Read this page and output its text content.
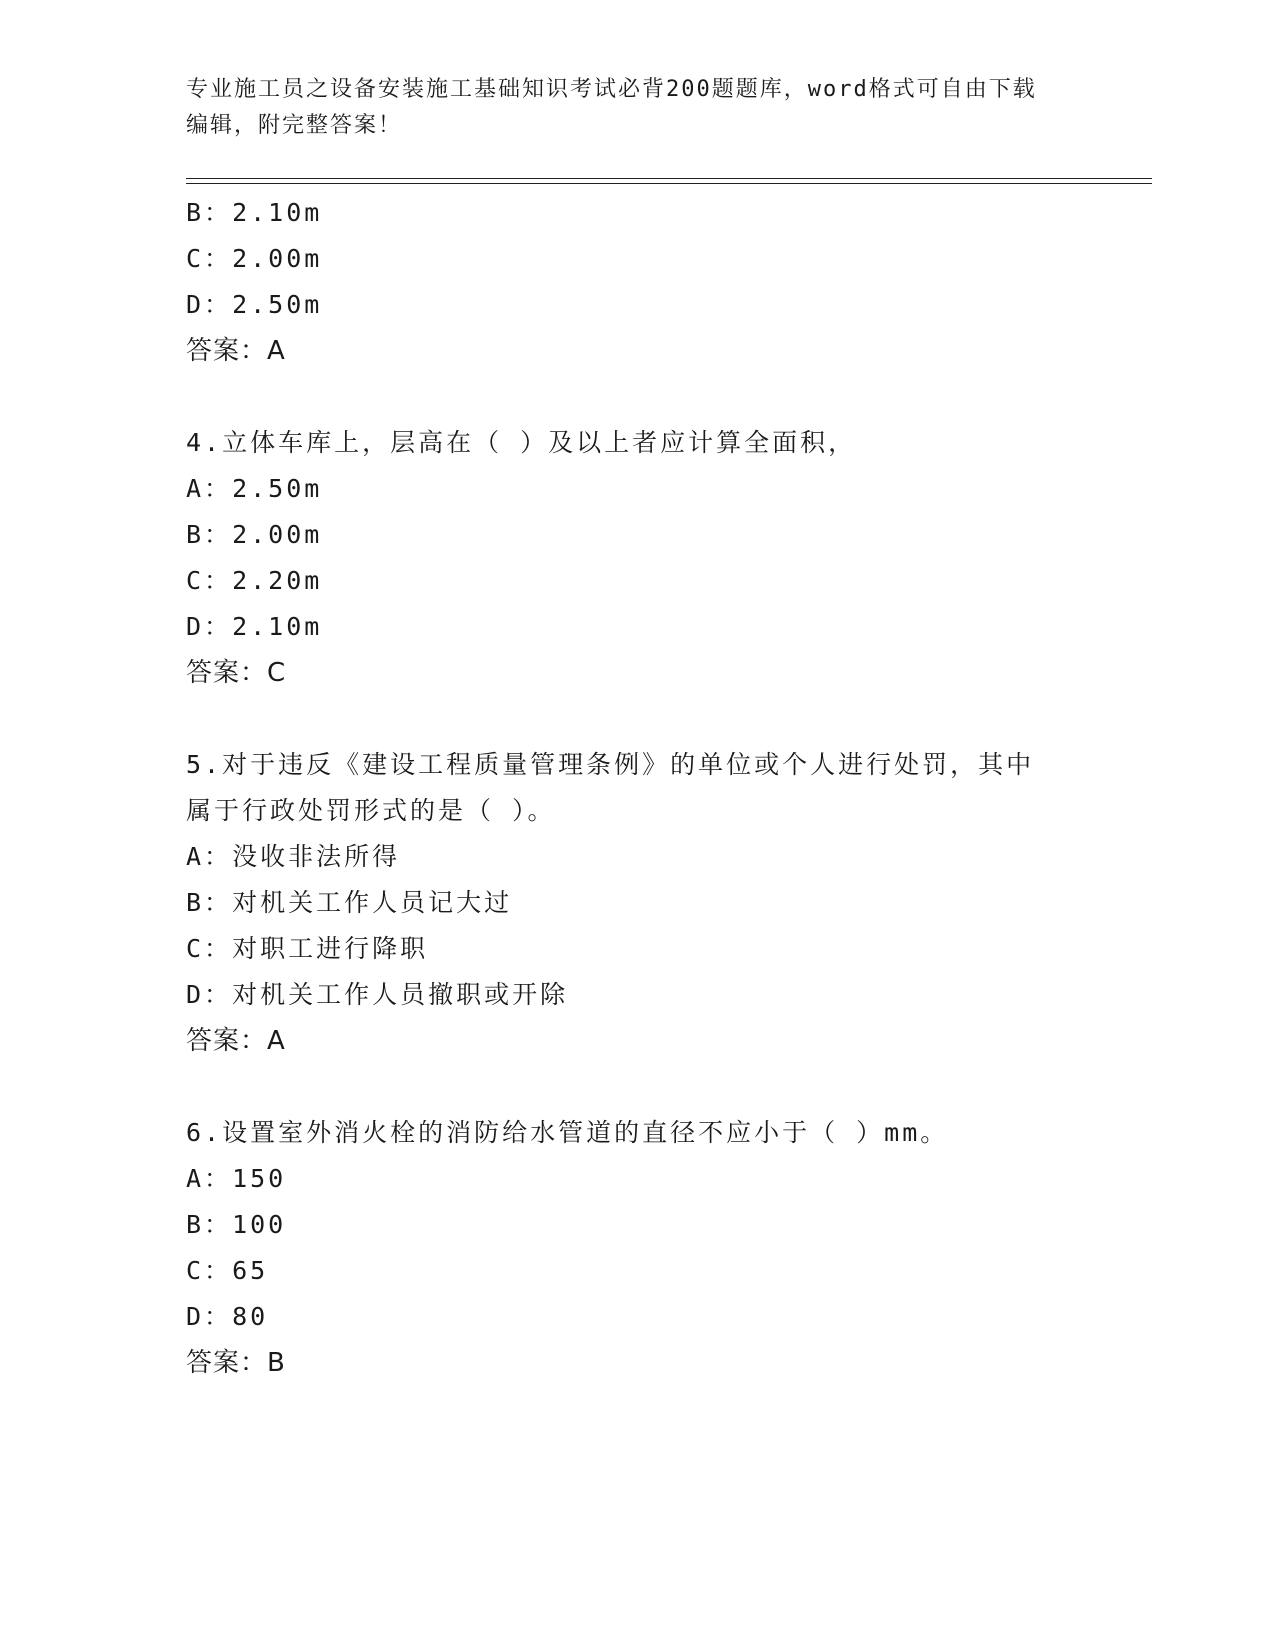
专业施工员之设备安装施工基础知识考试必背200题题库，word格式可自由下载
编辑，附完整答案！
B：2.10m
C：2.00m
D：2.50m
答案：A
4.立体车库上，层高在（ ）及以上者应计算全面积，
A：2.50m
B：2.00m
C：2.20m
D：2.10m
答案：C
5.对于违反《建设工程质量管理条例》的单位或个人进行处罚，其中
属于行政处罚形式的是（ ）。
A：没收非法所得
B：对机关工作人员记大过
C：对职工进行降职
D：对机关工作人员撤职或开除
答案：A
6.设置室外消火栓的消防给水管道的直径不应小于（ ）mm。
A：150
B：100
C：65
D：80
答案：B
